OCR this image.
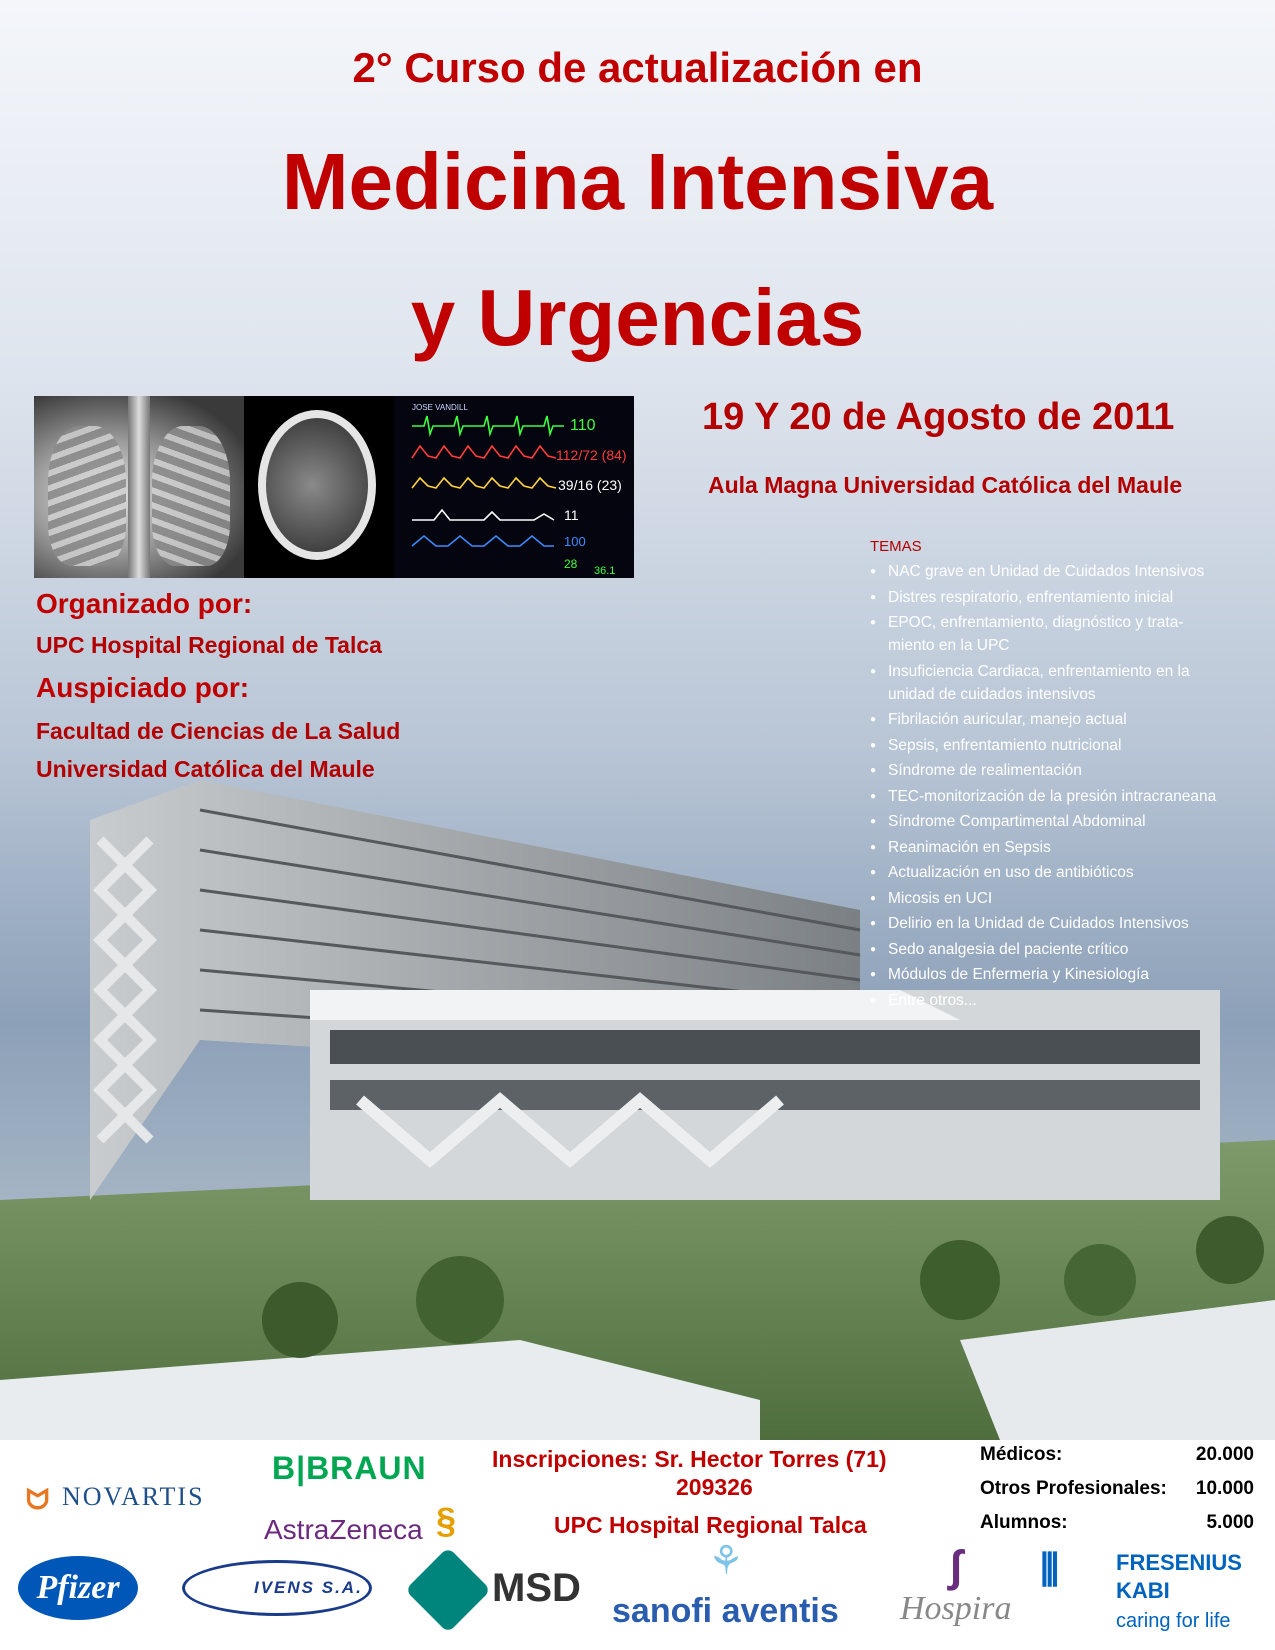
2° Curso de actualización en
Medicina Intensiva
y Urgencias
JOSE VANDILL
110
112/72 (84)
39/16 (23)
11
100
28 36.1
19 Y 20 de Agosto de 2011
Aula Magna Universidad Católica del Maule
Organizado por:
UPC Hospital Regional de Talca
Auspiciado por:
Facultad de Ciencias de La Salud
Universidad Católica del Maule
ᗢ NOVARTIS
B|BRAUN
AstraZeneca §
Inscripciones: Sr. Hector Torres (71)
209326
UPC Hospital Regional Talca
Médicos:	20.000
Otros Profesionales: 10.000
Alumnos:	5.000
Pfizer	IVENS S.A.	MSD
⚘
sanofi aventis
∫
Hospira
⦀	FRESENIUS
KABI
caring for life
TEMAS
● NAC grave en Unidad de Cuidados Intensivos
● Distres respiratorio, enfrentamiento inicial
● EPOC, enfrentamiento, diagnóstico y trata-
miento en la UPC
● Insuficiencia Cardiaca, enfrentamiento en la
unidad de cuidados intensivos
● Fibrilación auricular, manejo actual
● Sepsis, enfrentamiento nutricional
● Síndrome de realimentación
● TEC-monitorización de la presión intracraneana
● Síndrome Compartimental Abdominal
● Reanimación en Sepsis
● Actualización en uso de antibióticos
● Micosis en UCI
● Delirio en la Unidad de Cuidados Intensivos
● Sedo analgesia del paciente crítico
● Módulos de Enfermeria y Kinesiología
● Entre otros...
